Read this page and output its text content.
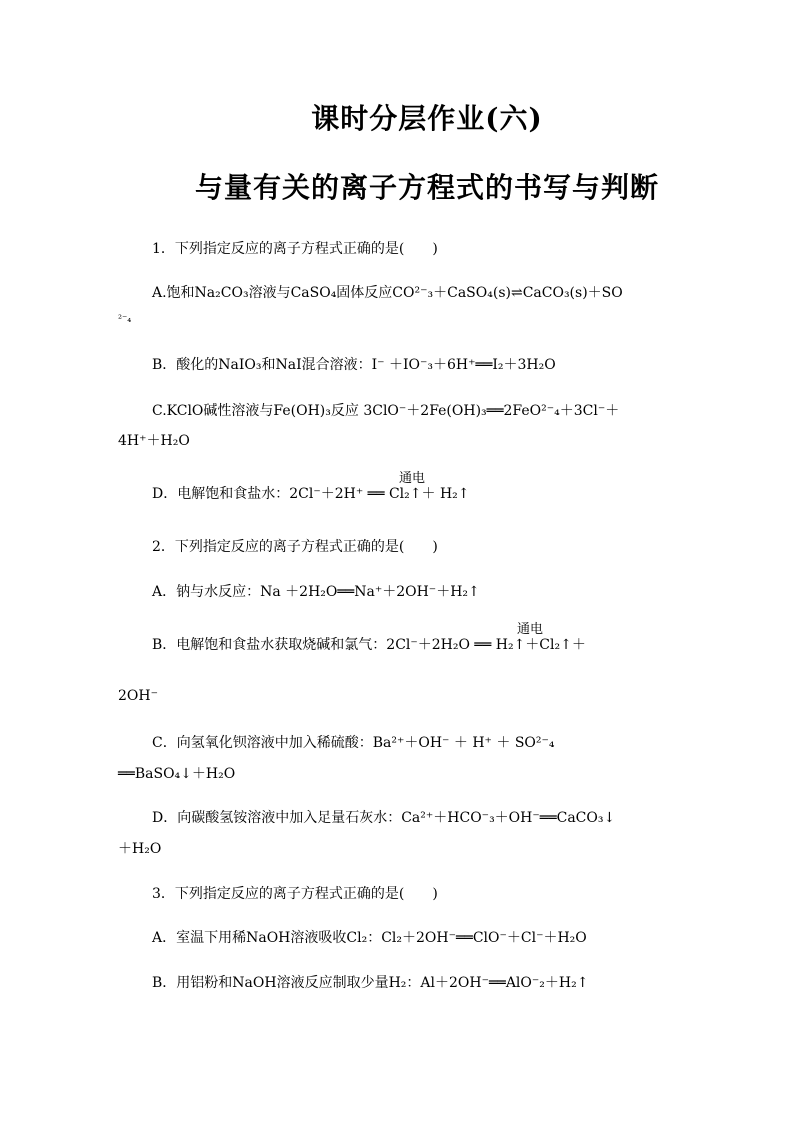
课时分层作业(六)
与量有关的离子方程式的书写与判断
1．下列指定反应的离子方程式正确的是(　　)
A.饱和Na₂CO₃溶液与CaSO₄固体反应CO²⁻₃＋CaSO₄(s)⇌CaCO₃(s)＋SO
²⁻₄
B．酸化的NaIO₃和NaI混合溶液：I⁻ ＋IO⁻₃＋6H⁺══I₂＋3H₂O
C.KClO碱性溶液与Fe(OH)₃反应 3ClO⁻＋2Fe(OH)₃══2FeO²⁻₄＋3Cl⁻＋
4H⁺＋H₂O
通电
D．电解饱和食盐水：2Cl⁻＋2H⁺ ══ Cl₂↑＋ H₂↑
2．下列指定反应的离子方程式正确的是(　　)
A．钠与水反应：Na ＋2H₂O══Na⁺＋2OH⁻＋H₂↑
通电
B．电解饱和食盐水获取烧碱和氯气：2Cl⁻＋2H₂O ══ H₂↑＋Cl₂↑＋
2OH⁻
C．向氢氧化钡溶液中加入稀硫酸：Ba²⁺＋OH⁻ ＋ H⁺ ＋ SO²⁻₄
══BaSO₄↓＋H₂O
D．向碳酸氢铵溶液中加入足量石灰水：Ca²⁺＋HCO⁻₃＋OH⁻══CaCO₃↓
＋H₂O
3．下列指定反应的离子方程式正确的是(　　)
A．室温下用稀NaOH溶液吸收Cl₂：Cl₂＋2OH⁻══ClO⁻＋Cl⁻＋H₂O
B．用铝粉和NaOH溶液反应制取少量H₂：Al＋2OH⁻══AlO⁻₂＋H₂↑
